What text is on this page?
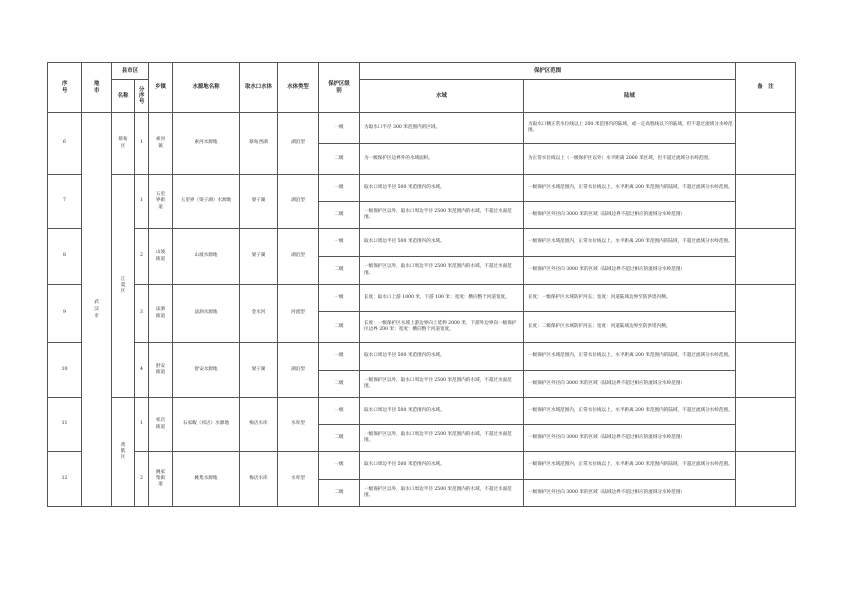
序号	地市	县市区		乡镇	水源地名称	取水口水体	水体类型	保护区级别	保护区范围		备　注
		名称	分序号						水域	陆域	

6	武汉市	蔡甸区	1	索河镇	索河水源地	蔡甸西湖	湖泊型	一级	为取水口半径 300 米范围内的区域。	为取水口侧正常水位线以上 200 米范围内的陆域，或一定高程线以下的陆域，但不超过流域分水岭范围。	
								二级	为一级保护区边界外的水域面积。	为正常水位线以上（一级保护区以外）水平距离 2000 米区域，但不超过流域分水岭范围。	
7		江夏区	1	五里界街道	五里界（梁子湖）水源地	梁子湖	湖泊型	一级	取水口周边半径 500 米范围内的水域。	一级保护区水域范围内，正常水位线以上，水平距离 200 米范围内的陆域，不超过流域分水岭范围。	
								二级	一级保护区以外，取水口周边半径 2500 米范围内的水域，不超过水面范围。	一级保护区外径向 3000 米的区域（陆域边界不超过相应的流域分水岭范围）	
8			2	山坡街道	山坡水源地	梁子湖	湖泊型	一级	取水口周边半径 500 米范围内的水域。	一级保护区水域范围内，正常水位线以上，水平距离 200 米范围内的陆域，不超过流域分水岭范围。	
								二级	一级保护区以外，取水口周边半径 2500 米范围内的水域，不超过水面范围。	一级保护区外径向 3000 米的区域（陆域边界不超过相应的流域分水岭范围）	
9			3	法泗街道	法泗水源地	金水河	河流型	一级	长度：取水口上游 1000 米，下游 100 米；宽度：横向整个河道宽度。	长度：一级保护区水域防护河长；宽度：河道陆域边界至防洪堤内侧。	
								二级	长度：一级保护区水域上游边界向上延伸 2000 米，下游外边界向一级保护区边界 200 米；宽度：横向整个河道宽度。	长度：二级保护区水域防护河长；宽度：河道陆域边界至防洪堤内侧。	
10			4	舒安街道	舒安水源地	梁子湖	湖泊型	一级	取水口周边半径 500 米范围内的水域。	一级保护区水域范围内，正常水位线以上，水平距离 200 米范围内的陆域，不超过流域分水岭范围。	
								二级	一级保护区以外，取水口周边半径 2500 米范围内的水域，不超过水面范围。	一级保护区外径向 3000 米的区域（陆域边界不超过相应的流域分水岭范围）	
11		黄陂区	1	祁店街道	石家畈（祁店）水源地	梅店水库	水库型	一级	取水口周边半径 500 米范围内的水域。	一级保护区水域范围内，正常水位线以上，水平距离 200 米范围内的陆域，不超过流域分水岭范围。	
								二级	一级保护区以外，取水口周边半径 2500 米范围内的水域，不超过水面范围。	一级保护区外径向 3000 米的区域（陆域边界不超过相应的流域分水岭范围）	
12			2	姚家集街道	姚集水源地	梅店水库	水库型	一级	取水口周边半径 500 米范围内的水域。	一级保护区水域范围内，正常水位线以上，水平距离 200 米范围内的陆域，不超过流域分水岭范围。	
								二级	一级保护区以外，取水口周边半径 2500 米范围内的水域，不超过水面范围。	一级保护区外径向 3000 米的区域（陆域边界不超过相应的流域分水岭范围）	
